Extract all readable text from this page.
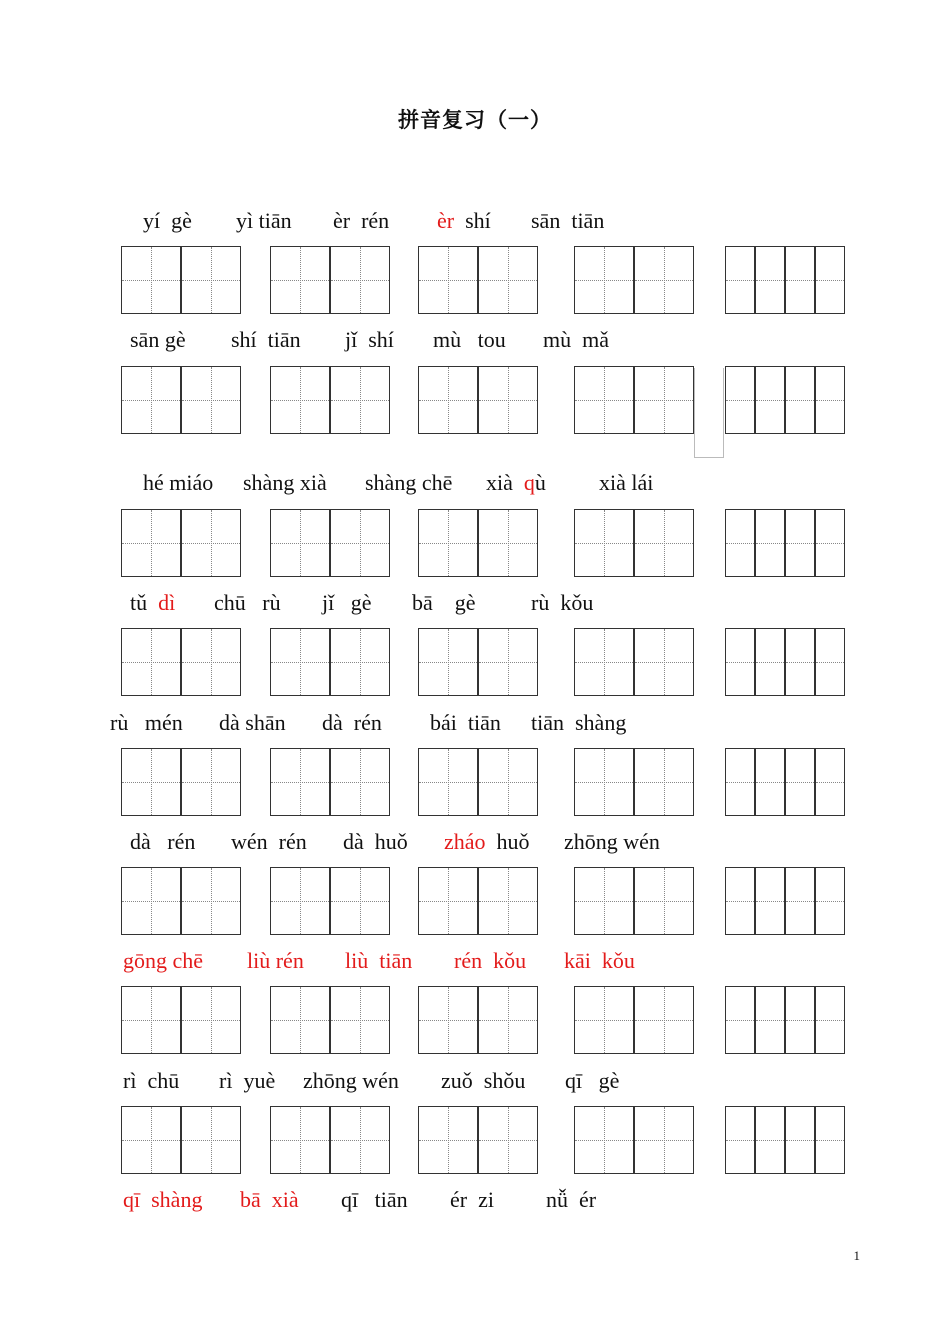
拼音复习（一）
yí  gè yì tiān èr  rén èr  shí sān  tiān
sān gè shí  tiān jǐ  shí mù   tou mù  mǎ
hé miáo shàng xià shàng chē xià  qù xià lái
tǔ  dì chū   rù jǐ   gè bā    gè	rù  kǒu
rù   mén dà shān dà  rén bái  tiān tiān  shàng
dà   rén wén  rén dà  huǒ zháo  huǒ zhōng wén
gōng chē liù rén liù  tiān rén  kǒu kāi  kǒu
rì  chū rì  yuè zhōng wén zuǒ  shǒu qī   gè
qī  shàng bā  xià qī   tiān ér  zi nǚ  ér
1
